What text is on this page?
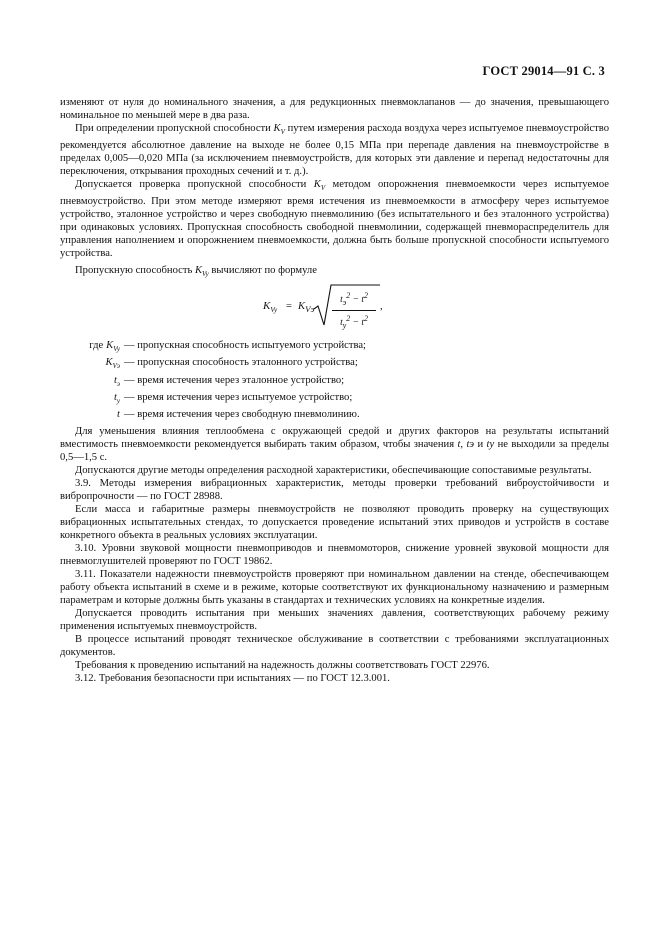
ГОСТ 29014—91 С. 3

изменяют от нуля до номинального значения, а для редукционных пневмоклапанов — до значения, превышающего номинальное по меньшей мере в два раза.

При определении пропускной способности $K_V$ путем измерения расхода воздуха через испытуемое пневмоустройство рекомендуется абсолютное давление на выходе не более 0,15 МПа при перепаде давления на пневмоустройстве в пределах 0,005—0,020 МПа (за исключением пневмоустройств, для которых эти давление и перепад недостаточны для переключения, открывания проходных сечений и т. д.).

Допускается проверка пропускной способности $K_V$ методом опорожнения пневмоемкости через испытуемое пневмоустройство. При этом методе измеряют время истечения из пневмоемкости в атмосферу через испытуемое устройство, эталонное устройство и через свободную пневмолинию (без испытательного и без эталонного устройства) при одинаковых условиях. Пропускная способность свободной пневмолинии, содержащей пневмораспределитель для управления наполнением и опорожнением пневмоемкости, должна быть больше пропускной способности испытуемого устройства.

Пропускную способность $K_{Vy}$ вычисляют по формуле

$K_{Vy} = K_{Vэ}$
$t_э^2 - t^2$
$t_у^2 - t^2$
,
где $K_{Vy}$ — пропускная способность испытуемого устройства;
$K_{Vэ}$ — пропускная способность эталонного устройства;
$t_э$ — время истечения через эталонное устройство;
$t_у$ — время истечения через испытуемое устройство;
t — время истечения через свободную пневмолинию.

Для уменьшения влияния теплообмена с окружающей средой и других факторов на результаты испытаний вместимость пневмоемкости рекомендуется выбирать таким образом, чтобы значения t, tэ и tу не выходили за пределы 0,5—1,5 с.

Допускаются другие методы определения расходной характеристики, обеспечивающие сопоставимые результаты.

3.9. Методы измерения вибрационных характеристик, методы проверки требований виброустойчивости и вибропрочности — по ГОСТ 28988.

Если масса и габаритные размеры пневмоустройств не позволяют проводить проверку на существующих вибрационных испытательных стендах, то допускается проведение испытаний этих приводов и устройств в составе конкретного объекта в реальных условиях эксплуатации.

3.10. Уровни звуковой мощности пневмоприводов и пневмомоторов, снижение уровней звуковой мощности для пневмоглушителей проверяют по ГОСТ 19862.

3.11. Показатели надежности пневмоустройств проверяют при номинальном давлении на стенде, обеспечивающем работу объекта испытаний в схеме и в режиме, которые соответствуют их функциональному назначению и размерным параметрам и которые должны быть указаны в стандартах и технических условиях на конкретные изделия.

Допускается проводить испытания при меньших значениях давления, соответствующих рабочему режиму применения испытуемых пневмоустройств.

В процессе испытаний проводят техническое обслуживание в соответствии с требованиями эксплуатационных документов.

Требования к проведению испытаний на надежность должны соответствовать ГОСТ 22976.

3.12. Требования безопасности при испытаниях — по ГОСТ 12.3.001.
